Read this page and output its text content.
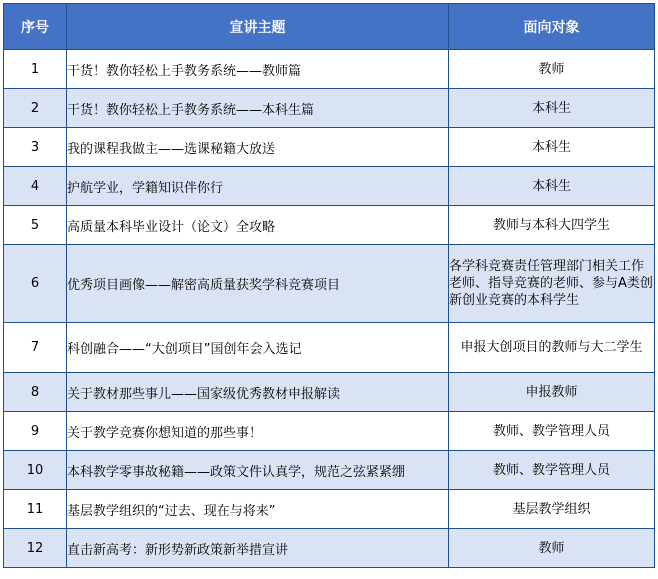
序号	宣讲主题	面向对象
1	干货！教你轻松上手教务系统——教师篇	教师
2	干货！教你轻松上手教务系统——本科生篇	本科生
3	我的课程我做主——选课秘籍大放送	本科生
4	护航学业，学籍知识伴你行	本科生
5	高质量本科毕业设计（论文）全攻略	教师与本科大四学生
6	优秀项目画像——解密高质量获奖学科竞赛项目	各学科竞赛责任管理部门相关工作老师、指导竞赛的老师、参与A类创新创业竞赛的本科学生
7	科创融合——“大创项目”国创年会入选记	申报大创项目的教师与大二学生
8	关于教材那些事儿——国家级优秀教材申报解读	申报教师
9	关于教学竞赛你想知道的那些事！	教师、教学管理人员
10	本科教学零事故秘籍——政策文件认真学，规范之弦紧紧绷	教师、教学管理人员
11	基层教学组织的“过去、现在与将来”	基层教学组织
12	直击新高考：新形势新政策新举措宣讲	教师
